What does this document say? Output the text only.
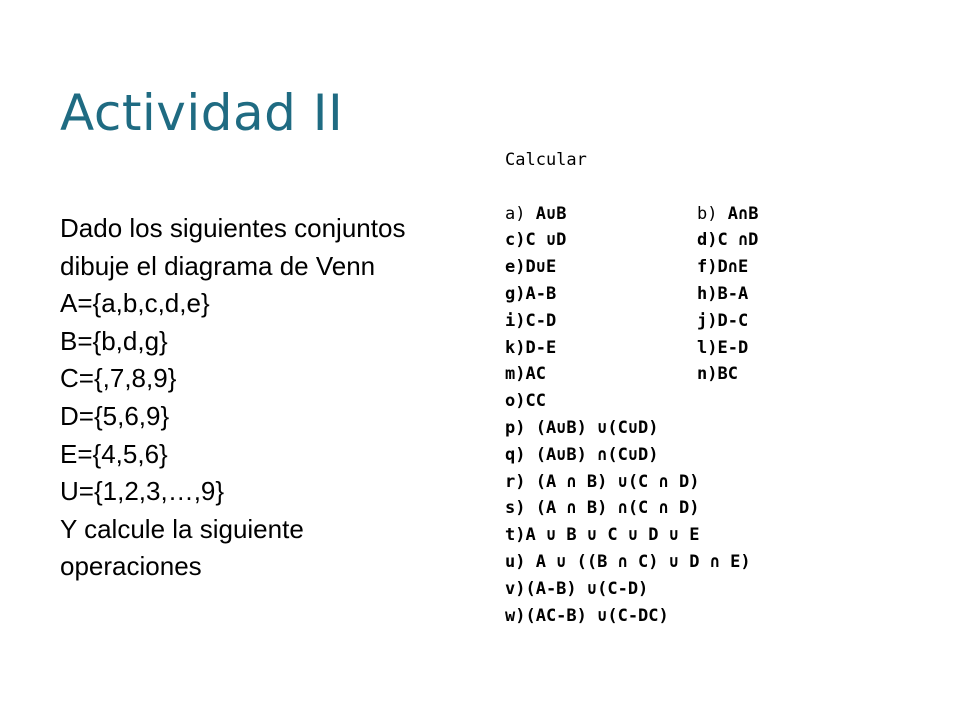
Actividad II
Dado los siguientes conjuntos
dibuje el diagrama de Venn
A={a,b,c,d,e}
B={b,d,g}
C={,7,8,9}
D={5,6,9}
E={4,5,6}
U={1,2,3,…,9}
Y calcule la siguiente
operaciones
Calcular
a) A∪B	b) A∩B
c)C ∪D	d)C ∩D
e)D∪E	f)D∩E
g)A-B	h)B-A
i)C-D	j)D-C
k)D-E	l)E-D
m)AC	n)BC
o)CC
p) (A∪B) ∪(C∪D)
q) (A∪B) ∩(C∪D)
r) (A ∩ B) ∪(C ∩ D)
s) (A ∩ B) ∩(C ∩ D)
t)A ∪ B ∪ C ∪ D ∪ E
u) A ∪ ((B ∩ C) ∪ D ∩ E)
v)(A-B) ∪(C-D)
w)(AC-B) ∪(C-DC)
